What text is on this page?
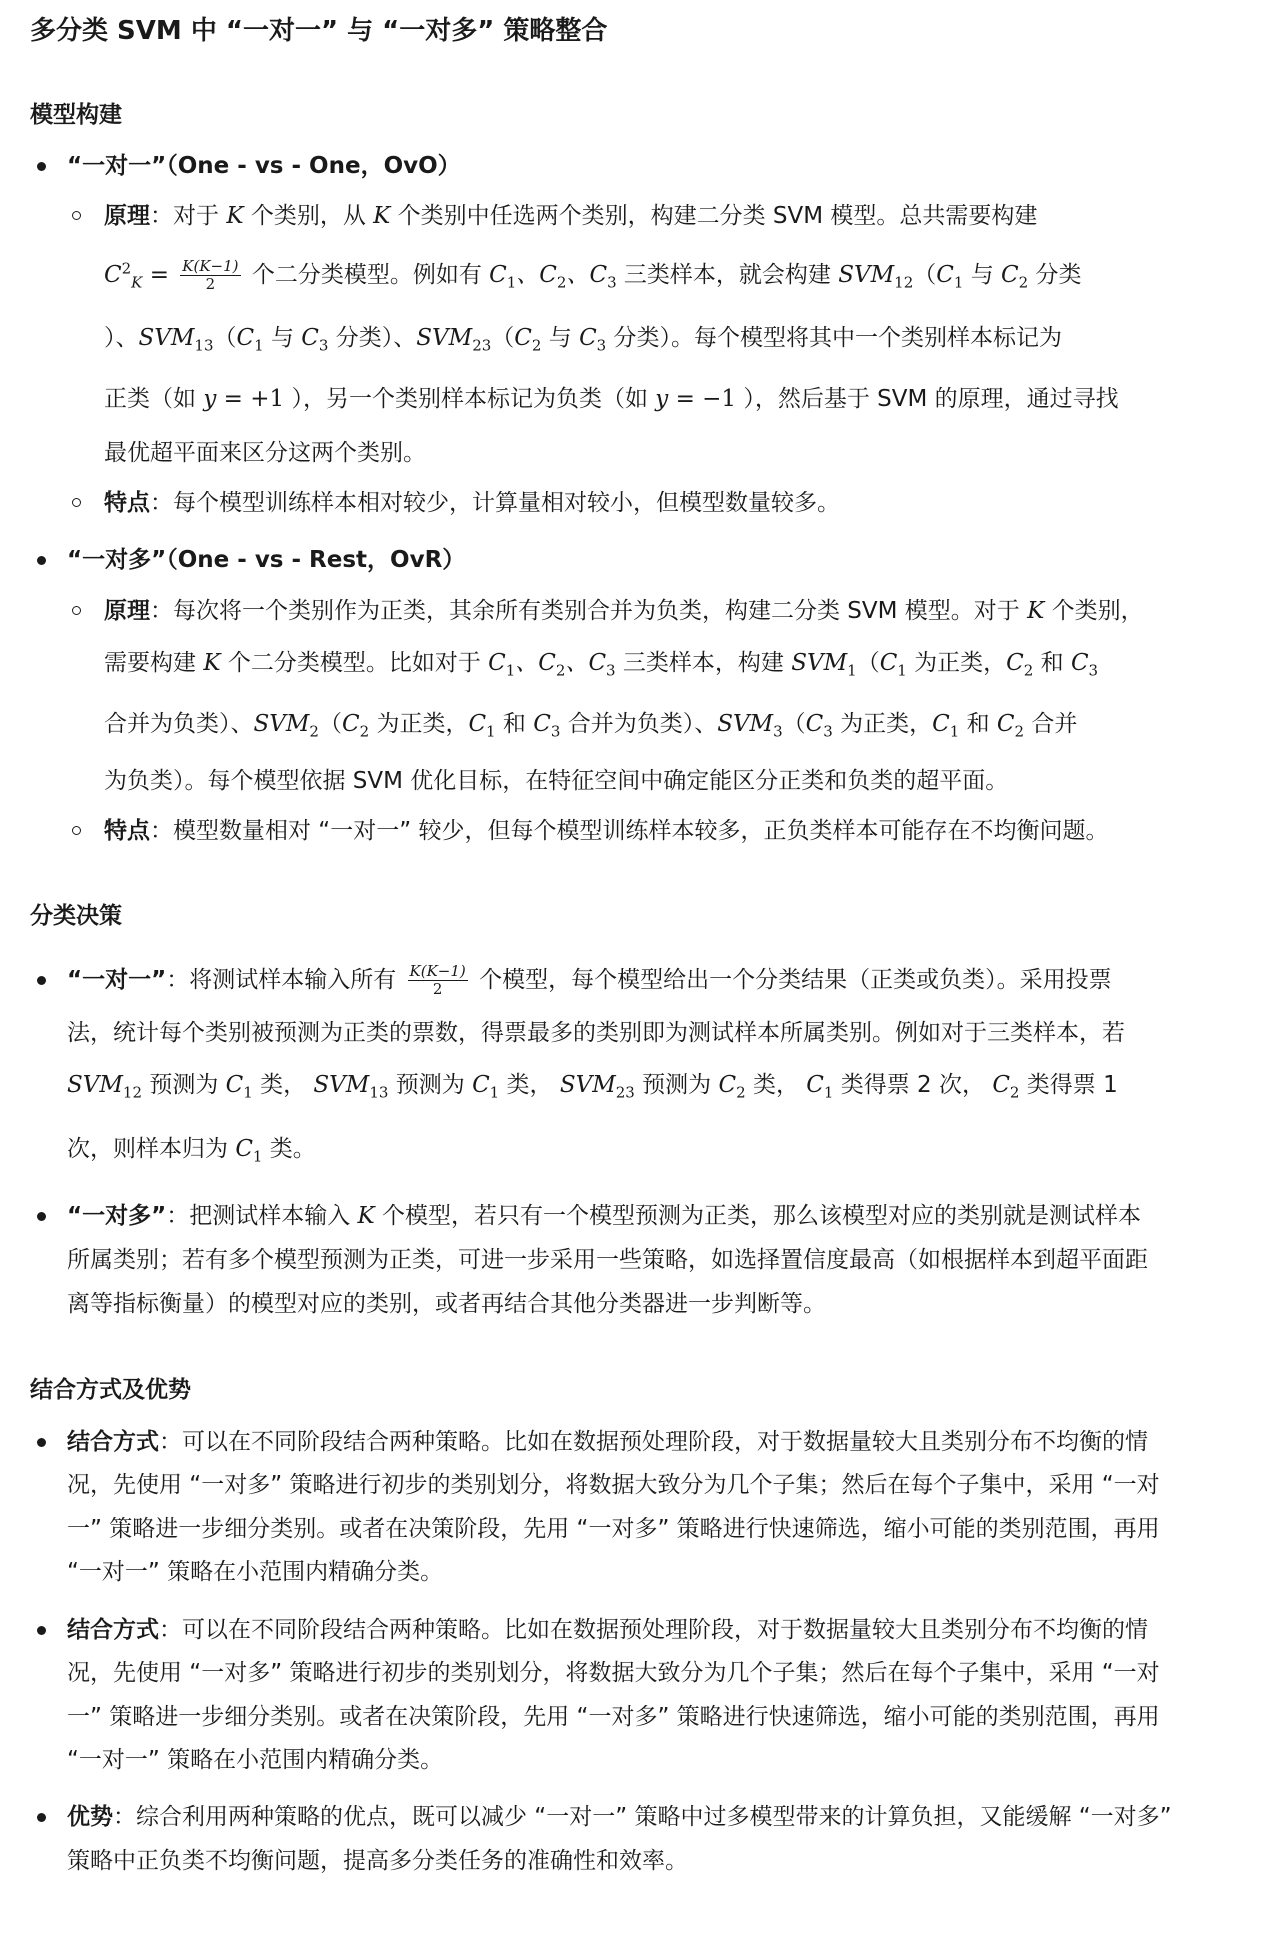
多分类 SVM 中 “一对一” 与 “一对多” 策略整合
模型构建
“一对一”（One - vs - One，OvO）
原理：对于 K 个类别，从 K 个类别中任选两个类别，构建二分类 SVM 模型。总共需要构建
$C^2_K = \frac{K(K-1)}{2}$ 个二分类模型。例如有 $C_1$、$C_2$、$C_3$ 三类样本，就会构建 $SVM_{12}(C_1$ 与 $C_2$ 分类
）、$SVM_{13}(C_1$ 与 $C_3$ 分类）、$SVM_{23}(C_2$ 与 $C_3$ 分类）。每个模型将其中一个类别样本标记为
正类（如 y = +1 ），另一个类别样本标记为负类（如 y = −1 ），然后基于 SVM 的原理，通过寻找
最优超平面来区分这两个类别。
特点：每个模型训练样本相对较少，计算量相对较小，但模型数量较多。
“一对多”（One - vs - Rest，OvR）
原理：每次将一个类别作为正类，其余所有类别合并为负类，构建二分类 SVM 模型。对于 K 个类别，
需要构建 K 个二分类模型。比如对于 $C_1$、$C_2$、$C_3$ 三类样本，构建 $SVM_1(C_1$ 为正类，$C_2$ 和 $C_3$
合并为负类）、$SVM_2(C_2$ 为正类，$C_1$ 和 $C_3$ 合并为负类）、$SVM_3(C_3$ 为正类，$C_1$ 和 $C_2$ 合并
为负类）。每个模型依据 SVM 优化目标，在特征空间中确定能区分正类和负类的超平面。
特点：模型数量相对 “一对一” 较少，但每个模型训练样本较多，正负类样本可能存在不均衡问题。
分类决策
“一对一”：将测试样本输入所有 $\frac{K(K-1)}{2}$ 个模型，每个模型给出一个分类结果（正类或负类）。采用投票
法，统计每个类别被预测为正类的票数，得票最多的类别即为测试样本所属类别。例如对于三类样本，若
$SVM_{12}$ 预测为 $C_1$ 类， $SVM_{13}$ 预测为 $C_1$ 类， $SVM_{23}$ 预测为 $C_2$ 类， $C_1$ 类得票 2 次， $C_2$ 类得票 1
次，则样本归为 $C_1$ 类。
“一对多”：把测试样本输入 K 个模型，若只有一个模型预测为正类，那么该模型对应的类别就是测试样本
所属类别；若有多个模型预测为正类，可进一步采用一些策略，如选择置信度最高（如根据样本到超平面距
离等指标衡量）的模型对应的类别，或者再结合其他分类器进一步判断等。
结合方式及优势
结合方式：可以在不同阶段结合两种策略。比如在数据预处理阶段，对于数据量较大且类别分布不均衡的情
况，先使用 “一对多” 策略进行初步的类别划分，将数据大致分为几个子集；然后在每个子集中，采用 “一对
一” 策略进一步细分类别。或者在决策阶段，先用 “一对多” 策略进行快速筛选，缩小可能的类别范围，再用
“一对一” 策略在小范围内精确分类。
结合方式：可以在不同阶段结合两种策略。比如在数据预处理阶段，对于数据量较大且类别分布不均衡的情
况，先使用 “一对多” 策略进行初步的类别划分，将数据大致分为几个子集；然后在每个子集中，采用 “一对
一” 策略进一步细分类别。或者在决策阶段，先用 “一对多” 策略进行快速筛选，缩小可能的类别范围，再用
“一对一” 策略在小范围内精确分类。
优势：综合利用两种策略的优点，既可以减少 “一对一” 策略中过多模型带来的计算负担，又能缓解 “一对多”
策略中正负类不均衡问题，提高多分类任务的准确性和效率。
